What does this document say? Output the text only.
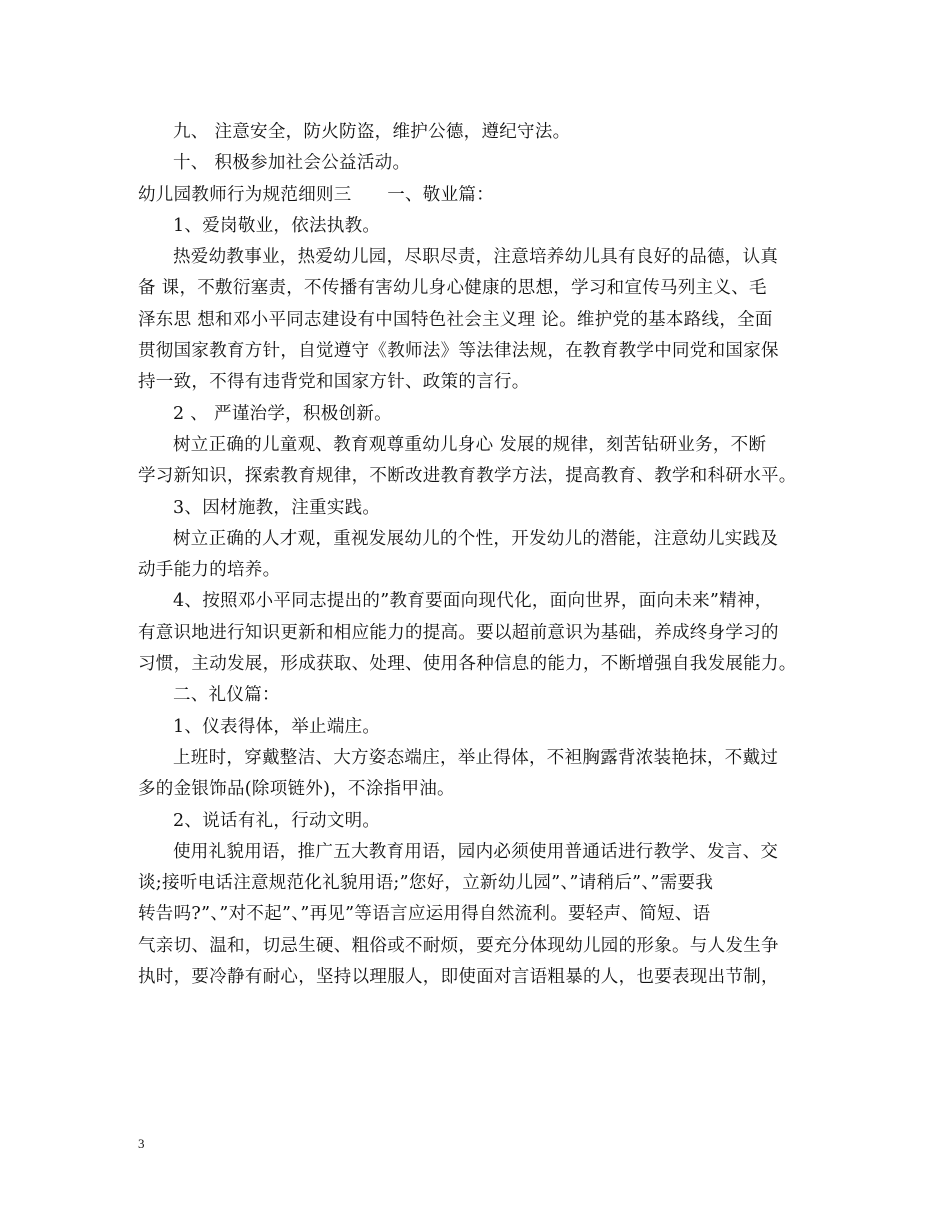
九、 注意安全，防火防盗，维护公德，遵纪守法。
十、 积极参加社会公益活动。
幼儿园教师行为规范细则三　　一、敬业篇：
1、爱岗敬业，依法执教。
热爱幼教事业，热爱幼儿园，尽职尽责，注意培养幼儿具有良好的品德，认真
备 课，不敷衍塞责，不传播有害幼儿身心健康的思想，学习和宣传马列主义、毛
泽东思 想和邓小平同志建设有中国特色社会主义理 论。维护党的基本路线，全面
贯彻国家教育方针，自觉遵守《教师法》等法律法规，在教育教学中同党和国家保
持一致，不得有违背党和国家方针、政策的言行。
2 、 严谨治学，积极创新。
树立正确的儿童观、教育观尊重幼儿身心 发展的规律，刻苦钻研业务，不断
学习新知识，探索教育规律，不断改进教育教学方法，提高教育、教学和科研水平。
3、因材施教，注重实践。
树立正确的人才观，重视发展幼儿的个性，开发幼儿的潜能，注意幼儿实践及
动手能力的培养。
4、按照邓小平同志提出的”教育要面向现代化，面向世界，面向未来”精神，
有意识地进行知识更新和相应能力的提高。要以超前意识为基础，养成终身学习的
习惯，主动发展，形成获取、处理、使用各种信息的能力，不断增强自我发展能力。
二、礼仪篇：
1、仪表得体，举止端庄。
上班时，穿戴整洁、大方姿态端庄，举止得体，不袒胸露背浓装艳抹，不戴过
多的金银饰品(除项链外)，不涂指甲油。
2、说话有礼，行动文明。
使用礼貌用语，推广五大教育用语，园内必须使用普通话进行教学、发言、交
谈;接听电话注意规范化礼貌用语;”您好，立新幼儿园”、”请稍后”、”需要我
转告吗?”、”对不起”、”再见”等语言应运用得自然流利。要轻声、简短、语
气亲切、温和，切忌生硬、粗俗或不耐烦，要充分体现幼儿园的形象。与人发生争
执时，要冷静有耐心，坚持以理服人，即使面对言语粗暴的人，也要表现出节制，
3
